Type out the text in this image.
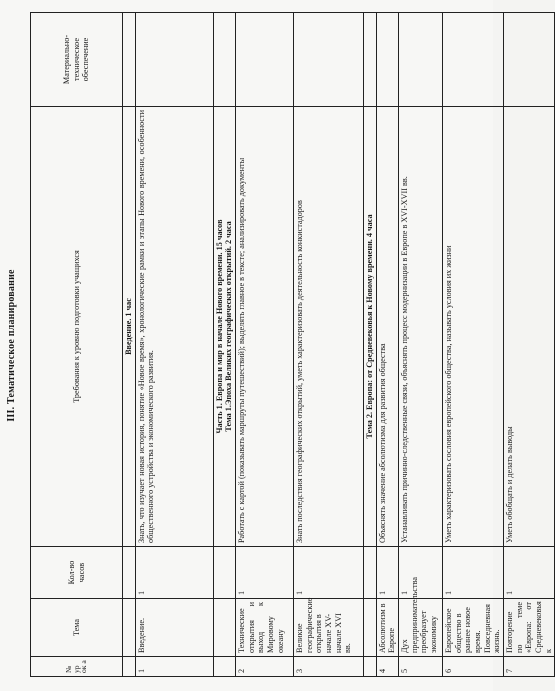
III. Тематическое планирование
№ ур ок а	Тема	Кол-во часов	Требования к уровню подготовки учащихся	Материально-техническое обеспечение
			Введение. 1 час	
1	Введение.	1	Знать, что изучает новая история, понятие «Новое время», хронологические рамки и этапы Нового времени, особенности общественного устройства и экономического развития.	

			Часть 1. Европа и мир в начале Нового времени. 15 часов Тема 1.Эпоха Великих географических открытий. 2 часа	

2	Технические открытия и выход к Мировому океану	1	Работать с картой (показывать маршруты путешествий); выделять главное в тексте; анализировать документы	
3	Великие географические открытия в начале XV-начале XVI вв.	1	Знать последствия географических открытий, уметь характеризовать деятельность конкистадоров	
			Тема 2. Европа: от Средневековья к Новому времени. 4 часа	
4	Абсолютизм в Европе	1	Объяснять значение абсолютизма для развития общества	
5	Дух предпринимательства преобразует экономику	1	Устанавливать причинно-следственные связи, объяснять процесс модернизации в Европе в XVI-XVII вв.	
6	Европейское общество в раннее новое время. Повседневная жизнь.	1	Уметь характеризовать сословия европейского общества, называть условия их жизни	
7	Повторение по теме «Европа: от Средневековья к	1	Уметь обобщать и делать выводы	
